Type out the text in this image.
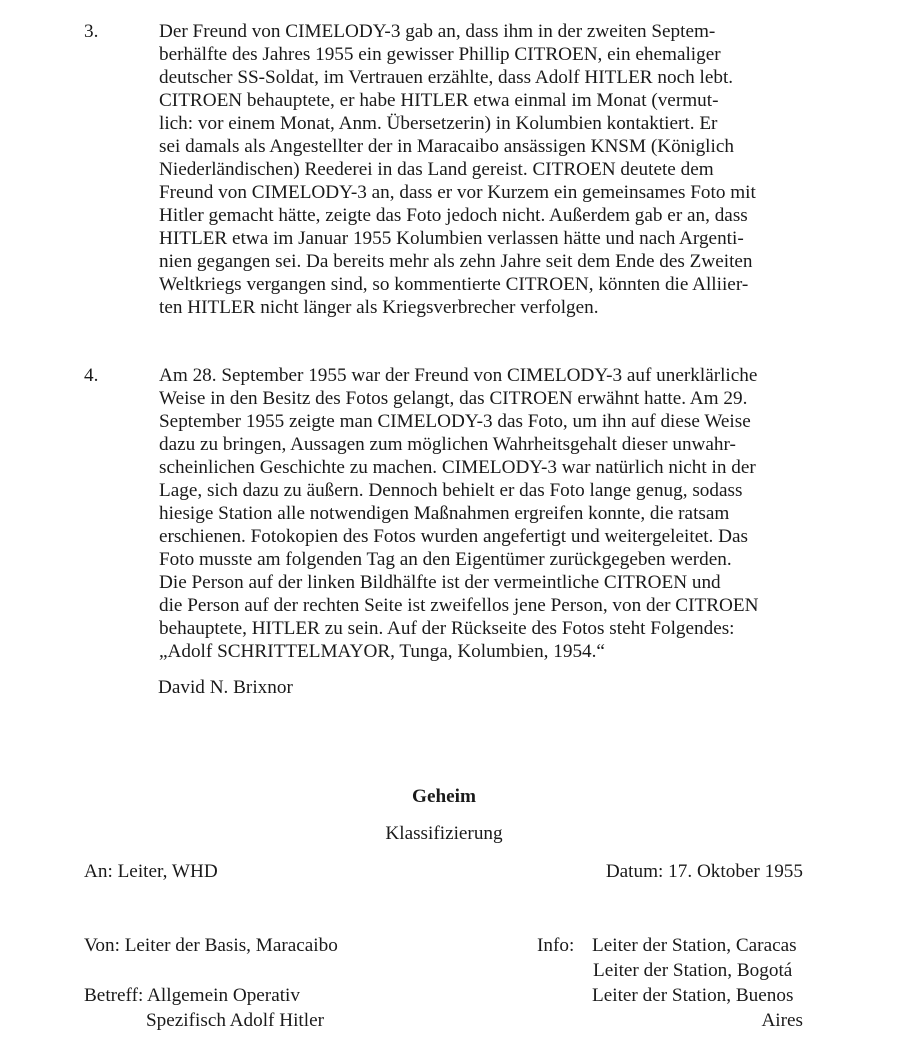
3.	Der Freund von CIMELODY-3 gab an, dass ihm in der zweiten Septem-
berhälfte des Jahres 1955 ein gewisser Phillip CITROEN, ein ehemaliger
deutscher SS-Soldat, im Vertrauen erzählte, dass Adolf HITLER noch lebt.
CITROEN behauptete, er habe HITLER etwa einmal im Monat (vermut-
lich: vor einem Monat, Anm. Übersetzerin) in Kolumbien kontaktiert. Er
sei damals als Angestellter der in Maracaibo ansässigen KNSM (Königlich
Niederländischen) Reederei in das Land gereist. CITROEN deutete dem
Freund von CIMELODY-3 an, dass er vor Kurzem ein gemeinsames Foto mit
Hitler gemacht hätte, zeigte das Foto jedoch nicht. Außerdem gab er an, dass
HITLER etwa im Januar 1955 Kolumbien verlassen hätte und nach Argenti-
nien gegangen sei. Da bereits mehr als zehn Jahre seit dem Ende des Zweiten
Weltkriegs vergangen sind, so kommentierte CITROEN, könnten die Alliier-
ten HITLER nicht länger als Kriegsverbrecher verfolgen.
4.	Am 28. September 1955 war der Freund von CIMELODY-3 auf unerklärliche
Weise in den Besitz des Fotos gelangt, das CITROEN erwähnt hatte. Am 29.
September 1955 zeigte man CIMELODY-3 das Foto, um ihn auf diese Weise
dazu zu bringen, Aussagen zum möglichen Wahrheitsgehalt dieser unwahr-
scheinlichen Geschichte zu machen. CIMELODY-3 war natürlich nicht in der
Lage, sich dazu zu äußern. Dennoch behielt er das Foto lange genug, sodass
hiesige Station alle notwendigen Maßnahmen ergreifen konnte, die ratsam
erschienen. Fotokopien des Fotos wurden angefertigt und weitergeleitet. Das
Foto musste am folgenden Tag an den Eigentümer zurückgegeben werden.
Die Person auf der linken Bildhälfte ist der vermeintliche CITROEN und
die Person auf der rechten Seite ist zweifellos jene Person, von der CITROEN
behauptete, HITLER zu sein. Auf der Rückseite des Fotos steht Folgendes:
„Adolf SCHRITTELMAYOR, Tunga, Kolumbien, 1954.“
David N. Brixnor
Geheim
Klassifizierung
An: Leiter, WHD	Datum: 17. Oktober 1955
Von: Leiter der Basis, Maracaibo	Info: Leiter der Station, Caracas
Leiter der Station, Bogotá
Leiter der Station, Buenos
Aires
Betreff: Allgemein Operativ
Spezifisch Adolf Hitler
